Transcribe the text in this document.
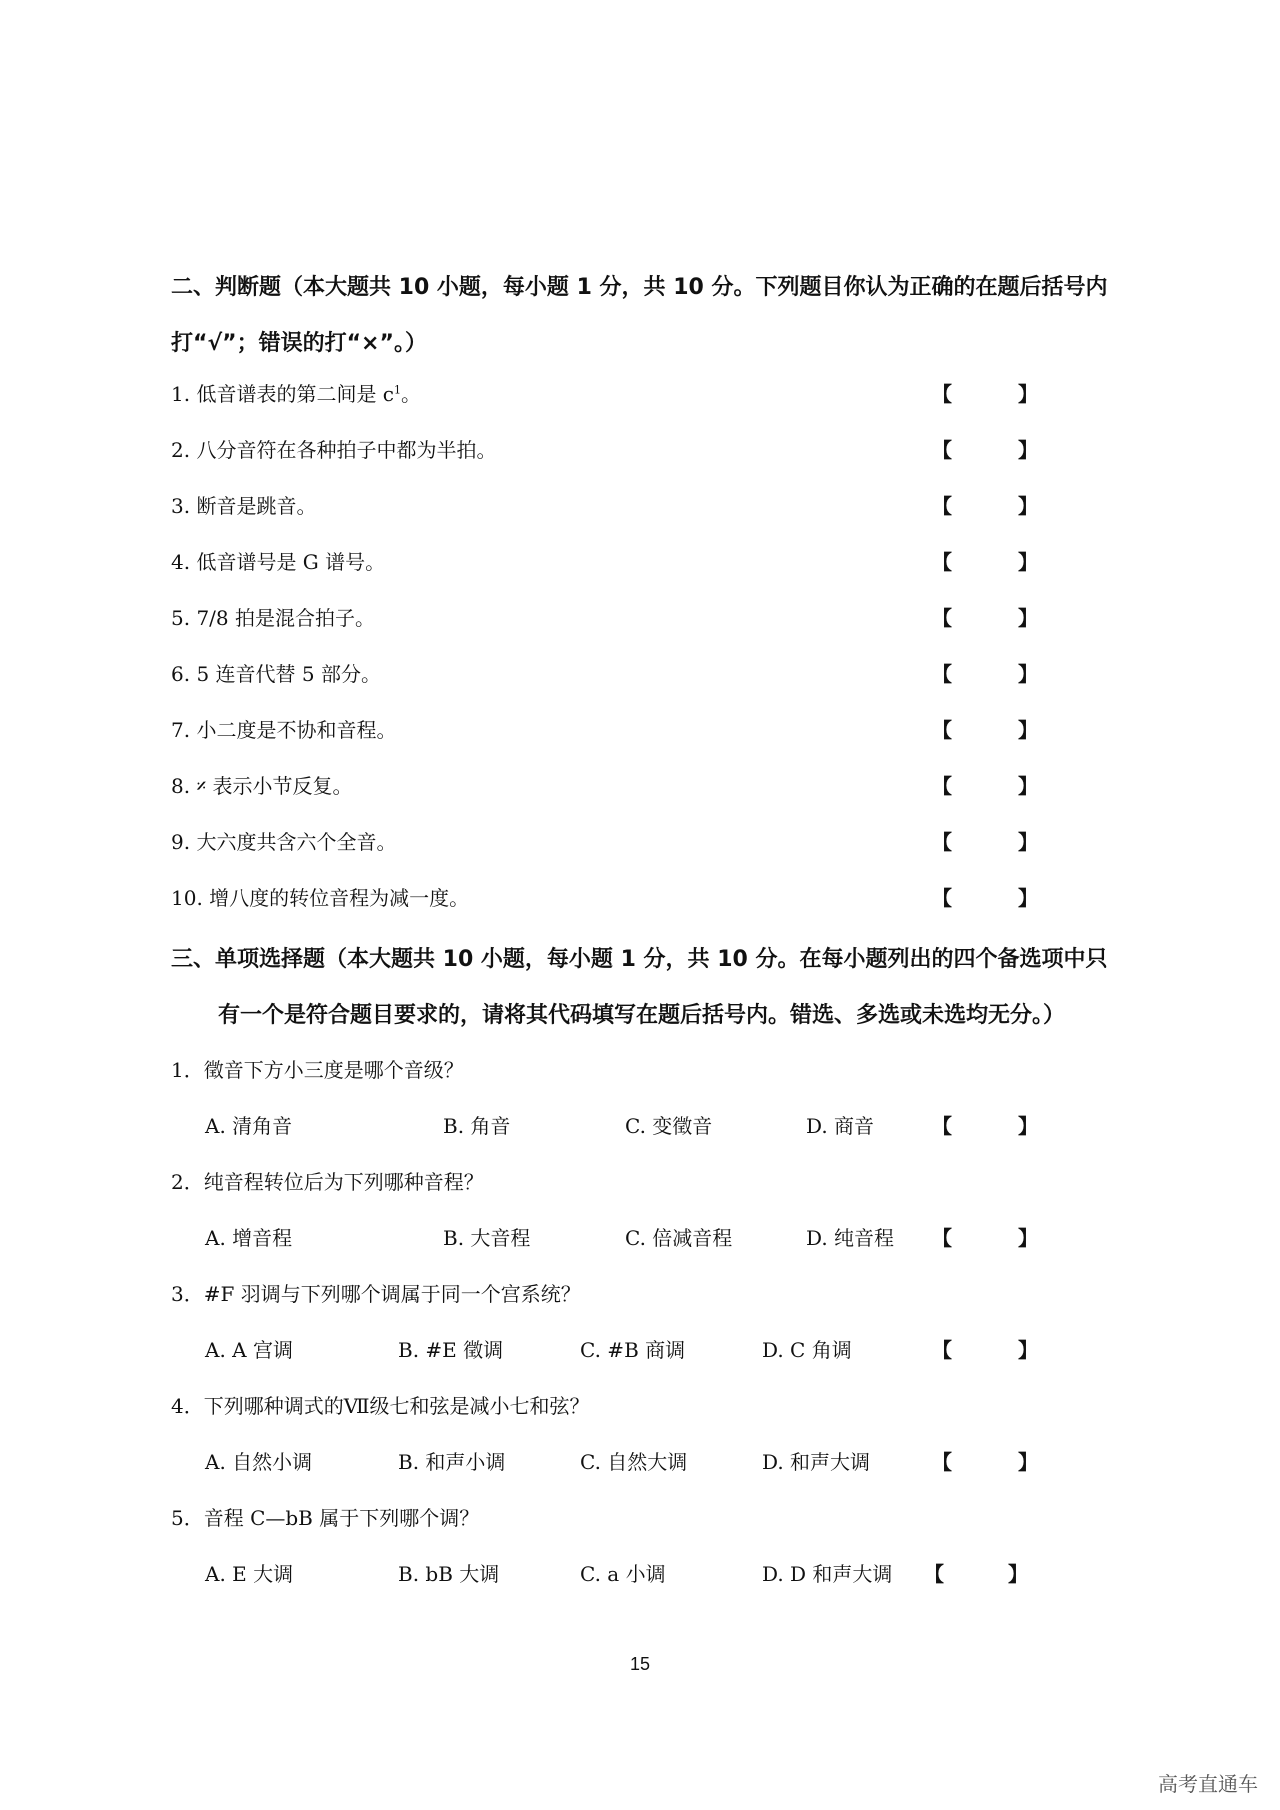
二、判断题（本大题共 10 小题，每小题 1 分，共 10 分。下列题目你认为正确的在题后括号内
打“√”；错误的打“×”。）
1. 低音谱表的第二间是 $c^1$。	【	】
2. 八分音符在各种拍子中都为半拍。	【	】
3. 断音是跳音。	【	】
4. 低音谱号是 G 谱号。	【	】
5. 7/8 拍是混合拍子。	【	】
6. 5 连音代替 5 部分。	【	】
7. 小二度是不协和音程。	【	】
8. 𝄎 表示小节反复。	【	】
9. 大六度共含六个全音。	【	】
10. 增八度的转位音程为减一度。	【	】
三、单项选择题（本大题共 10 小题，每小题 1 分，共 10 分。在每小题列出的四个备选项中只
有一个是符合题目要求的，请将其代码填写在题后括号内。错选、多选或未选均无分。）
1．徵音下方小三度是哪个音级？
A. 清角音	B. 角音	C. 变徵音	D. 商音	【	】
2．纯音程转位后为下列哪种音程？
A. 增音程	B. 大音程	C. 倍减音程	D. 纯音程 【	】
3．#F 羽调与下列哪个调属于同一个宫系统？
A. A 宫调	B. #E 徵调	C. #B 商调	D. C 角调	【	】
4．下列哪种调式的Ⅶ级七和弦是减小七和弦？
A. 自然小调	B. 和声小调	C. 自然大调	D. 和声大调	【	】
5．音程 C—bB 属于下列哪个调？
A. E 大调	B. bB 大调	C. a 小调	D. D 和声大调 【	】
15
高考直通车
